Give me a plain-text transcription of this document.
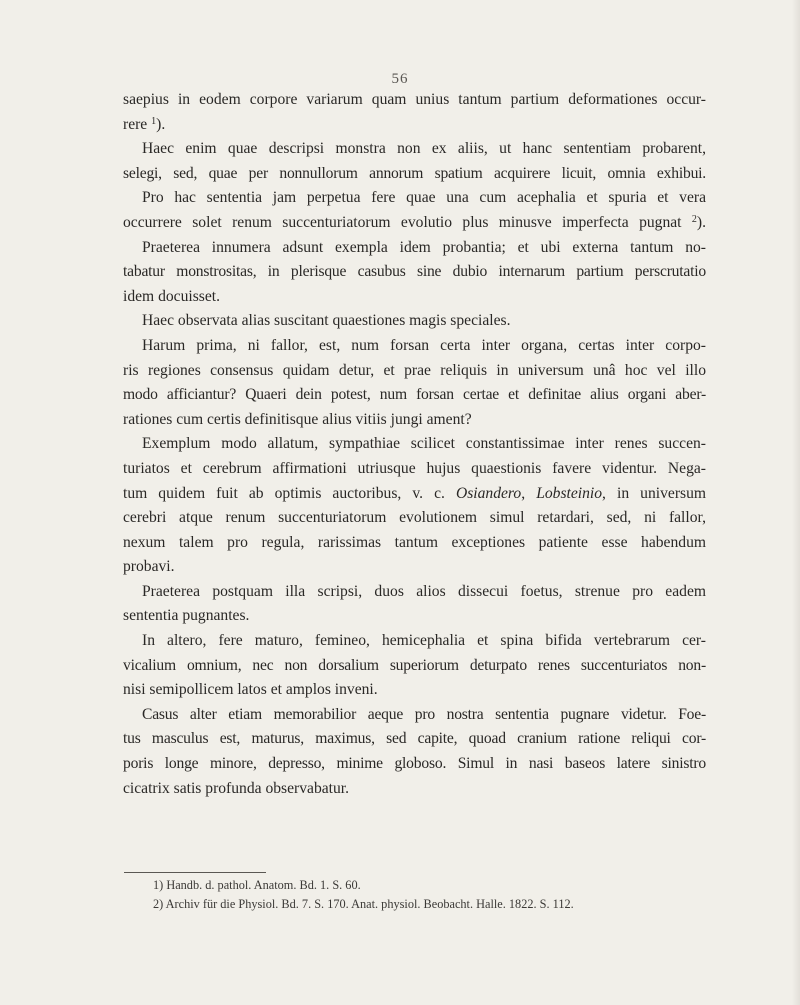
56
saepius in eodem corpore variarum quam unius tantum partium deformationes occur-
rere $^1$).
Haec enim quae descripsi monstra non ex aliis, ut hanc sententiam probarent,
selegi, sed, quae per nonnullorum annorum spatium acquirere licuit, omnia exhibui.
Pro hac sententia jam perpetua fere quae una cum acephalia et spuria et vera
occurrere solet renum succenturiatorum evolutio plus minusve imperfecta pugnat $^2$).
Praeterea innumera adsunt exempla idem probantia; et ubi externa tantum no-
tabatur monstrositas, in plerisque casubus sine dubio internarum partium perscrutatio
idem docuisset.
Haec observata alias suscitant quaestiones magis speciales.
Harum prima, ni fallor, est, num forsan certa inter organa, certas inter corpo-
ris regiones consensus quidam detur, et prae reliquis in universum unâ hoc vel illo
modo afficiantur? Quaeri dein potest, num forsan certae et definitae alius organi aber-
rationes cum certis definitisque alius vitiis jungi ament?
Exemplum modo allatum, sympathiae scilicet constantissimae inter renes succen-
turiatos et cerebrum affirmationi utriusque hujus quaestionis favere videntur. Nega-
tum quidem fuit ab optimis auctoribus, v. c. Osiandero, Lobsteinio, in universum
cerebri atque renum succenturiatorum evolutionem simul retardari, sed, ni fallor,
nexum talem pro regula, rarissimas tantum exceptiones patiente esse habendum
probavi.
Praeterea postquam illa scripsi, duos alios dissecui foetus, strenue pro eadem
sententia pugnantes.
In altero, fere maturo, femineo, hemicephalia et spina bifida vertebrarum cer-
vicalium omnium, nec non dorsalium superiorum deturpato renes succenturiatos non-
nisi semipollicem latos et amplos inveni.
Casus alter etiam memorabilior aeque pro nostra sententia pugnare videtur. Foe-
tus masculus est, maturus, maximus, sed capite, quoad cranium ratione reliqui cor-
poris longe minore, depresso, minime globoso. Simul in nasi baseos latere sinistro
cicatrix satis profunda observabatur.
1) Handb. d. pathol. Anatom. Bd. 1. S. 60.
2) Archiv für die Physiol. Bd. 7. S. 170. Anat. physiol. Beobacht. Halle. 1822. S. 112.
